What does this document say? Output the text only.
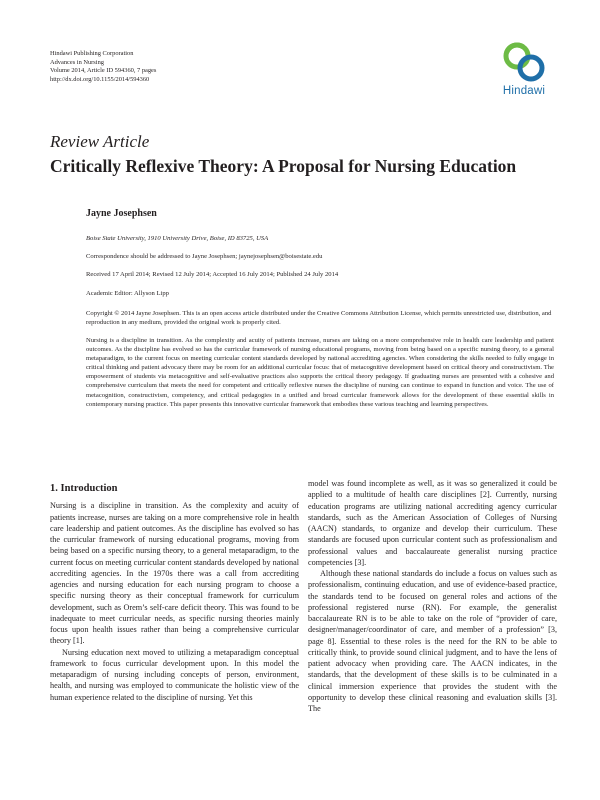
Hindawi Publishing Corporation
Advances in Nursing
Volume 2014, Article ID 594360, 7 pages
http://dx.doi.org/10.1155/2014/594360
Hindawi
Review Article
Critically Reflexive Theory: A Proposal for Nursing Education
Jayne Josephsen
Boise State University, 1910 University Drive, Boise, ID 83725, USA
Correspondence should be addressed to Jayne Josephsen; jaynejosephsen@boisestate.edu
Received 17 April 2014; Revised 12 July 2014; Accepted 16 July 2014; Published 24 July 2014
Academic Editor: Allyson Lipp
Copyright © 2014 Jayne Josephsen. This is an open access article distributed under the Creative Commons Attribution License, which permits unrestricted use, distribution, and reproduction in any medium, provided the original work is properly cited.

Nursing is a discipline in transition. As the complexity and acuity of patients increase, nurses are taking on a more comprehensive role in health care leadership and patient outcomes. As the discipline has evolved so has the curricular framework of nursing educational programs, moving from being based on a specific nursing theory, to a general metaparadigm, to the current focus on meeting curricular content standards developed by national accrediting agencies. When considering the skills needed to fully engage in critical thinking and patient advocacy there may be room for an additional curricular focus: that of metacognitive development based on critical theory and constructivism. The empowerment of students via metacognitive and self-evaluative practices also supports the critical theory pedagogy. If graduating nurses are presented with a cohesive and comprehensive curriculum that meets the need for competent and critically reflexive nurses the discipline of nursing can continue to expand in function and voice. The use of metacognition, constructivism, competency, and critical pedagogies in a unified and broad curricular framework allows for the development of these essential skills in contemporary nursing practice. This paper presents this innovative curricular framework that embodies these various teaching and learning perspectives.

1. Introduction

Nursing is a discipline in transition. As the complexity and acuity of patients increase, nurses are taking on a more comprehensive role in health care leadership and patient outcomes. As the discipline has evolved so has the curricular framework of nursing educational programs, moving from being based on a specific nursing theory, to a general metaparadigm, to the current focus on meeting curricular content standards developed by national accrediting agencies. In the 1970s there was a call from accrediting agencies and nursing education for each nursing program to choose a specific nursing theory as their conceptual framework for curriculum development, such as Orem’s self-care deficit theory. This was found to be inadequate to meet curricular needs, as specific nursing theories mainly focus upon health issues rather than being a comprehensive curricular theory [1].

Nursing education next moved to utilizing a metaparadigm conceptual framework to focus curricular development upon. In this model the metaparadigm of nursing including concepts of person, environment, health, and nursing was employed to communicate the holistic view of the human experience related to the discipline of nursing. Yet this

model was found incomplete as well, as it was so generalized it could be applied to a multitude of health care disciplines [2]. Currently, nursing education programs are utilizing national accrediting agency curricular standards, such as the American Association of Colleges of Nursing (AACN) standards, to organize and develop their curriculum. These standards are focused upon curricular content such as professionalism and professional values and baccalaureate generalist nursing practice competencies [3].

Although these national standards do include a focus on values such as professionalism, continuing education, and use of evidence-based practice, the standards tend to be focused on general roles and actions of the professional registered nurse (RN). For example, the generalist baccalaureate RN is to be able to take on the role of “provider of care, designer/manager/coordinator of care, and member of a profession” [3, page 8]. Essential to these roles is the need for the RN to be able to critically think, to provide sound clinical judgment, and to have the lens of patient advocacy when providing care. The AACN indicates, in the standards, that the development of these skills is to be culminated in a clinical immersion experience that provides the student with the opportunity to develop these clinical reasoning and evaluation skills [3]. The
